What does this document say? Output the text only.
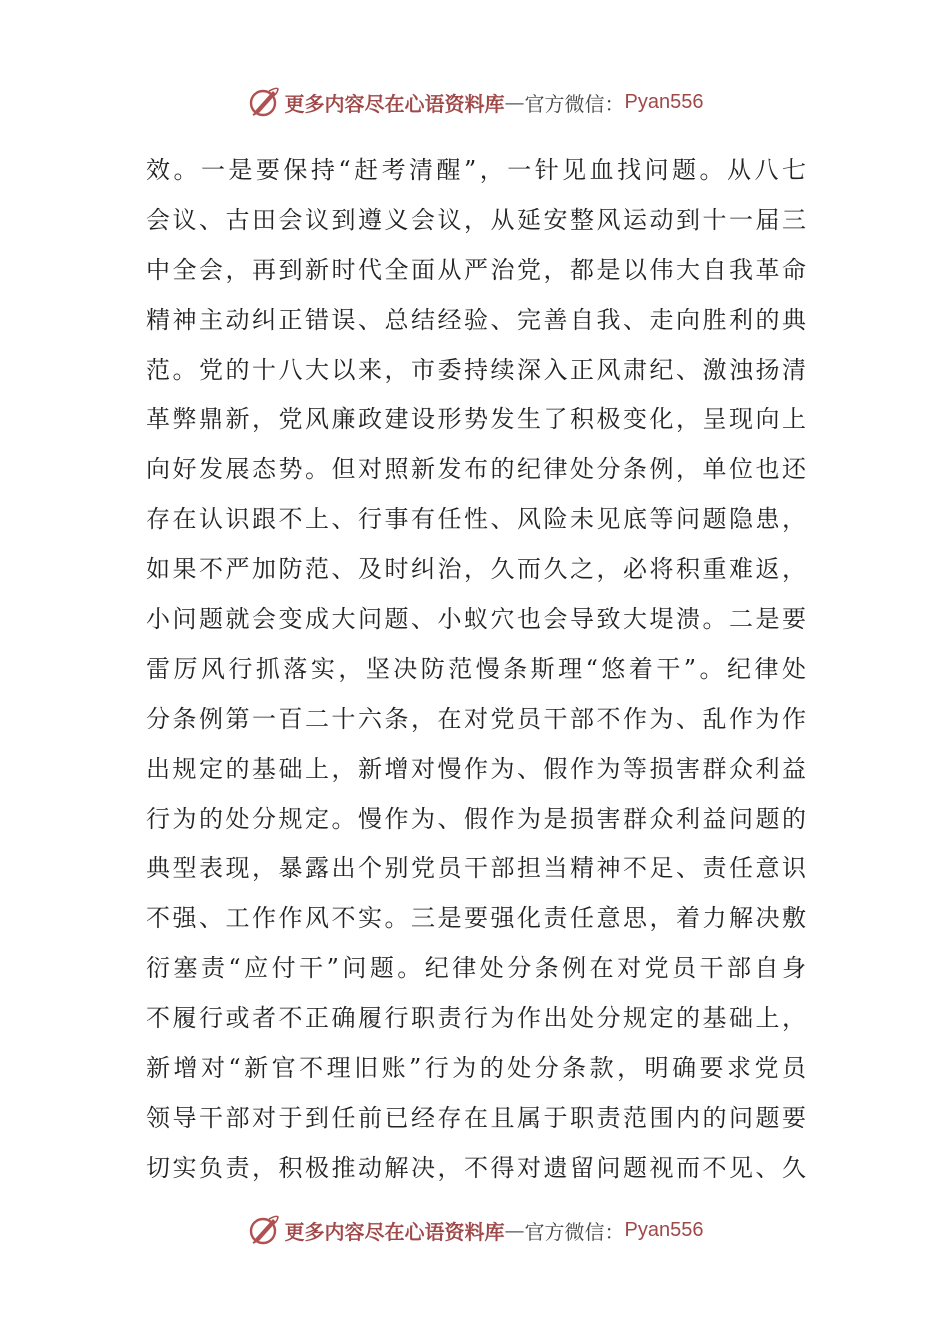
更多内容尽在心语资料库 — 官方微信： Pyan556
效。一是要保持“赶考清醒”，一针见血找问题。从八七
会议、古田会议到遵义会议，从延安整风运动到十一届三
中全会，再到新时代全面从严治党，都是以伟大自我革命
精神主动纠正错误、总结经验、完善自我、走向胜利的典
范。党的十八大以来，市委持续深入正风肃纪、激浊扬清
革弊鼎新，党风廉政建设形势发生了积极变化，呈现向上
向好发展态势。但对照新发布的纪律处分条例，单位也还
存在认识跟不上、行事有任性、风险未见底等问题隐患，
如果不严加防范、及时纠治，久而久之，必将积重难返，
小问题就会变成大问题、小蚁穴也会导致大堤溃。二是要
雷厉风行抓落实，坚决防范慢条斯理“悠着干”。纪律处
分条例第一百二十六条，在对党员干部不作为、乱作为作
出规定的基础上，新增对慢作为、假作为等损害群众利益
行为的处分规定。慢作为、假作为是损害群众利益问题的
典型表现，暴露出个别党员干部担当精神不足、责任意识
不强、工作作风不实。三是要强化责任意思，着力解决敷
衍塞责“应付干”问题。纪律处分条例在对党员干部自身
不履行或者不正确履行职责行为作出处分规定的基础上，
新增对“新官不理旧账”行为的处分条款，明确要求党员
领导干部对于到任前已经存在且属于职责范围内的问题要
切实负责，积极推动解决，不得对遗留问题视而不见、久
更多内容尽在心语资料库 — 官方微信： Pyan556
